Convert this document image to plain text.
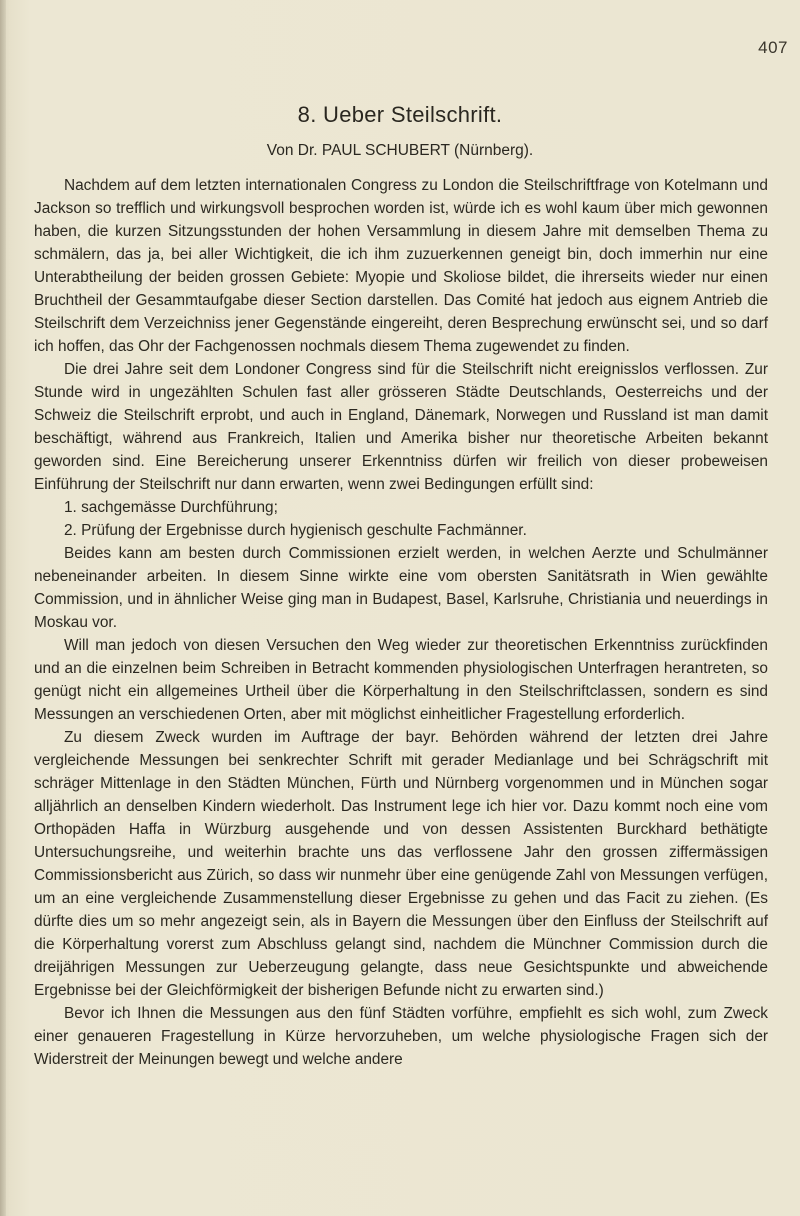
407
8. Ueber Steilschrift.
Von Dr. PAUL SCHUBERT (Nürnberg).

Nachdem auf dem letzten internationalen Congress zu London die Steilschriftfrage von Kotelmann und Jackson so trefflich und wirkungsvoll besprochen worden ist, würde ich es wohl kaum über mich gewonnen haben, die kurzen Sitzungsstunden der hohen Versammlung in diesem Jahre mit demselben Thema zu schmälern, das ja, bei aller Wichtigkeit, die ich ihm zuzuerkennen geneigt bin, doch immerhin nur eine Unterabtheilung der beiden grossen Gebiete: Myopie und Skoliose bildet, die ihrerseits wieder nur einen Bruchtheil der Gesammtaufgabe dieser Section darstellen. Das Comité hat jedoch aus eignem Antrieb die Steilschrift dem Verzeichniss jener Gegenstände eingereiht, deren Besprechung erwünscht sei, und so darf ich hoffen, das Ohr der Fachgenossen nochmals diesem Thema zugewendet zu finden.

Die drei Jahre seit dem Londoner Congress sind für die Steilschrift nicht ereignisslos verflossen. Zur Stunde wird in ungezählten Schulen fast aller grösseren Städte Deutschlands, Oesterreichs und der Schweiz die Steilschrift erprobt, und auch in England, Dänemark, Norwegen und Russland ist man damit beschäftigt, während aus Frankreich, Italien und Amerika bisher nur theoretische Arbeiten bekannt geworden sind. Eine Bereicherung unserer Erkenntniss dürfen wir freilich von dieser probeweisen Einführung der Steilschrift nur dann erwarten, wenn zwei Bedingungen erfüllt sind:

1. sachgemässe Durchführung;

2. Prüfung der Ergebnisse durch hygienisch geschulte Fachmänner.

Beides kann am besten durch Commissionen erzielt werden, in welchen Aerzte und Schulmänner nebeneinander arbeiten. In diesem Sinne wirkte eine vom obersten Sanitätsrath in Wien gewählte Commission, und in ähnlicher Weise ging man in Budapest, Basel, Karlsruhe, Christiania und neuerdings in Moskau vor.

Will man jedoch von diesen Versuchen den Weg wieder zur theoretischen Erkenntniss zurückfinden und an die einzelnen beim Schreiben in Betracht kommenden physiologischen Unterfragen herantreten, so genügt nicht ein allgemeines Urtheil über die Körperhaltung in den Steilschriftclassen, sondern es sind Messungen an verschiedenen Orten, aber mit möglichst einheitlicher Fragestellung erforderlich.

Zu diesem Zweck wurden im Auftrage der bayr. Behörden während der letzten drei Jahre vergleichende Messungen bei senkrechter Schrift mit gerader Medianlage und bei Schrägschrift mit schräger Mittenlage in den Städten München, Fürth und Nürnberg vorgenommen und in München sogar alljährlich an denselben Kindern wiederholt. Das Instrument lege ich hier vor. Dazu kommt noch eine vom Orthopäden Haffa in Würzburg ausgehende und von dessen Assistenten Burckhard bethätigte Untersuchungsreihe, und weiterhin brachte uns das verflossene Jahr den grossen ziffermässigen Commissionsbericht aus Zürich, so dass wir nunmehr über eine genügende Zahl von Messungen verfügen, um an eine vergleichende Zusammenstellung dieser Ergebnisse zu gehen und das Facit zu ziehen. (Es dürfte dies um so mehr angezeigt sein, als in Bayern die Messungen über den Einfluss der Steilschrift auf die Körperhaltung vorerst zum Abschluss gelangt sind, nachdem die Münchner Commission durch die dreijährigen Messungen zur Ueberzeugung gelangte, dass neue Gesichtspunkte und abweichende Ergebnisse bei der Gleichförmigkeit der bisherigen Befunde nicht zu erwarten sind.)

Bevor ich Ihnen die Messungen aus den fünf Städten vorführe, empfiehlt es sich wohl, zum Zweck einer genaueren Fragestellung in Kürze hervorzuheben, um welche physiologische Fragen sich der Widerstreit der Meinungen bewegt und welche andere
